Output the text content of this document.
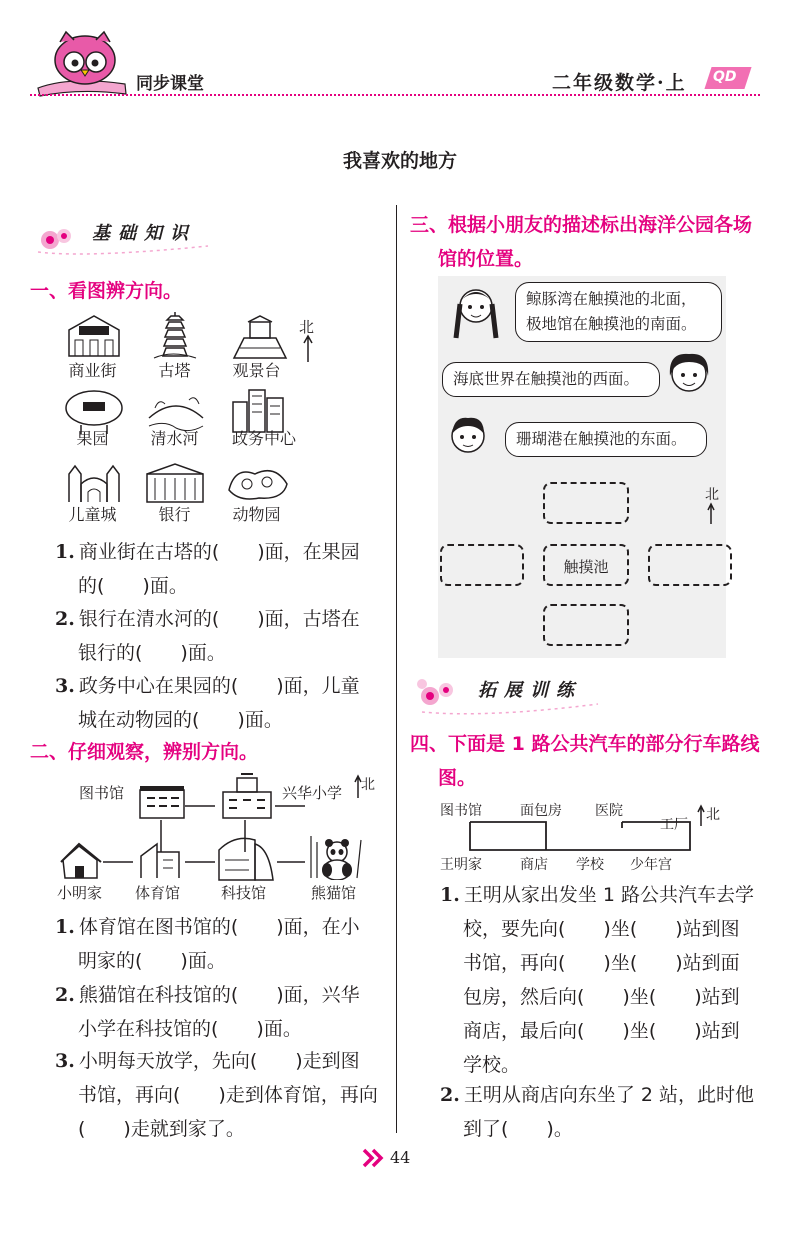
同步课堂	二年级数学·上 QD
我喜欢的地方
基础知识
一、看图辨方向。
商业街	古塔	观景台
北
果园	清水河	政务中心
儿童城	银行	动物园
1. 商业街在古塔的(　　)面，在果园
的(　　)面。
2. 银行在清水河的(　　)面，古塔在
银行的(　　)面。
3. 政务中心在果园的(　　)面，儿童
城在动物园的(　　)面。
二、仔细观察，辨别方向。
图书馆	兴华小学 北
小明家 体育馆	科技馆	熊猫馆
1. 体育馆在图书馆的(　　)面，在小
明家的(　　)面。
2. 熊猫馆在科技馆的(　　)面，兴华
小学在科技馆的(　　)面。
3. 小明每天放学，先向(　　)走到图
书馆，再向(　　)走到体育馆，再向
(　　)走就到家了。
三、根据小朋友的描述标出海洋公园各场
馆的位置。
鲸豚湾在触摸池的北面，
极地馆在触摸池的南面。
海底世界在触摸池的西面。
珊瑚港在触摸池的东面。
触摸池
北
拓展训练
四、下面是 1 路公共汽车的部分行车路线
图。
图书馆	面包房 医院
工厂
王明家	商店 学校 少年宫
北
1. 王明从家出发坐 1 路公共汽车去学
校，要先向(　　)坐(　　)站到图
书馆，再向(　　)坐(　　)站到面
包房，然后向(　　)坐(　　)站到
商店，最后向(　　)坐(　　)站到
学校。
2. 王明从商店向东坐了 2 站，此时他
到了(　　)。
44
